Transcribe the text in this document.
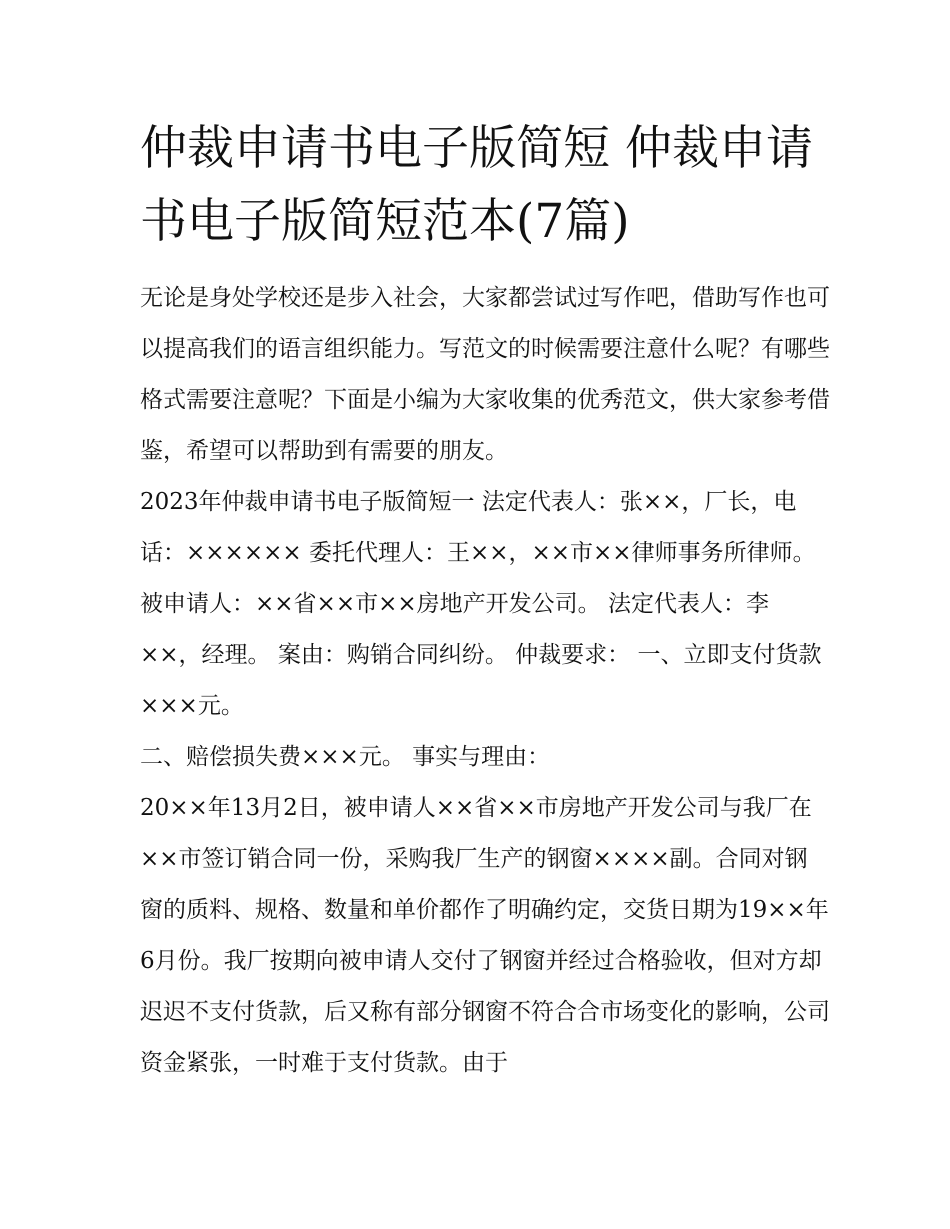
仲裁申请书电子版简短 仲裁申请书电子版简短范本(7篇)

无论是身处学校还是步入社会，大家都尝试过写作吧，借助写作也可以提高我们的语言组织能力。写范文的时候需要注意什么呢？有哪些格式需要注意呢？下面是小编为大家收集的优秀范文，供大家参考借鉴，希望可以帮助到有需要的朋友。

2023年仲裁申请书电子版简短一 法定代表人：张××，厂长，电话：×××××× 委托代理人：王××，××市××律师事务所律师。 被申请人：××省××市××房地产开发公司。 法定代表人：李××，经理。 案由：购销合同纠纷。 仲裁要求： 一、立即支付货款×××元。

二、赔偿损失费×××元。 事实与理由：

20××年13月2日，被申请人××省××市房地产开发公司与我厂在××市签订销合同一份，采购我厂生产的钢窗××××副。合同对钢窗的质料、规格、数量和单价都作了明确约定，交货日期为19××年6月份。我厂按期向被申请人交付了钢窗并经过合格验收，但对方却迟迟不支付货款，后又称有部分钢窗不符合合市场变化的影响，公司资金紧张，一时难于支付货款。由于
